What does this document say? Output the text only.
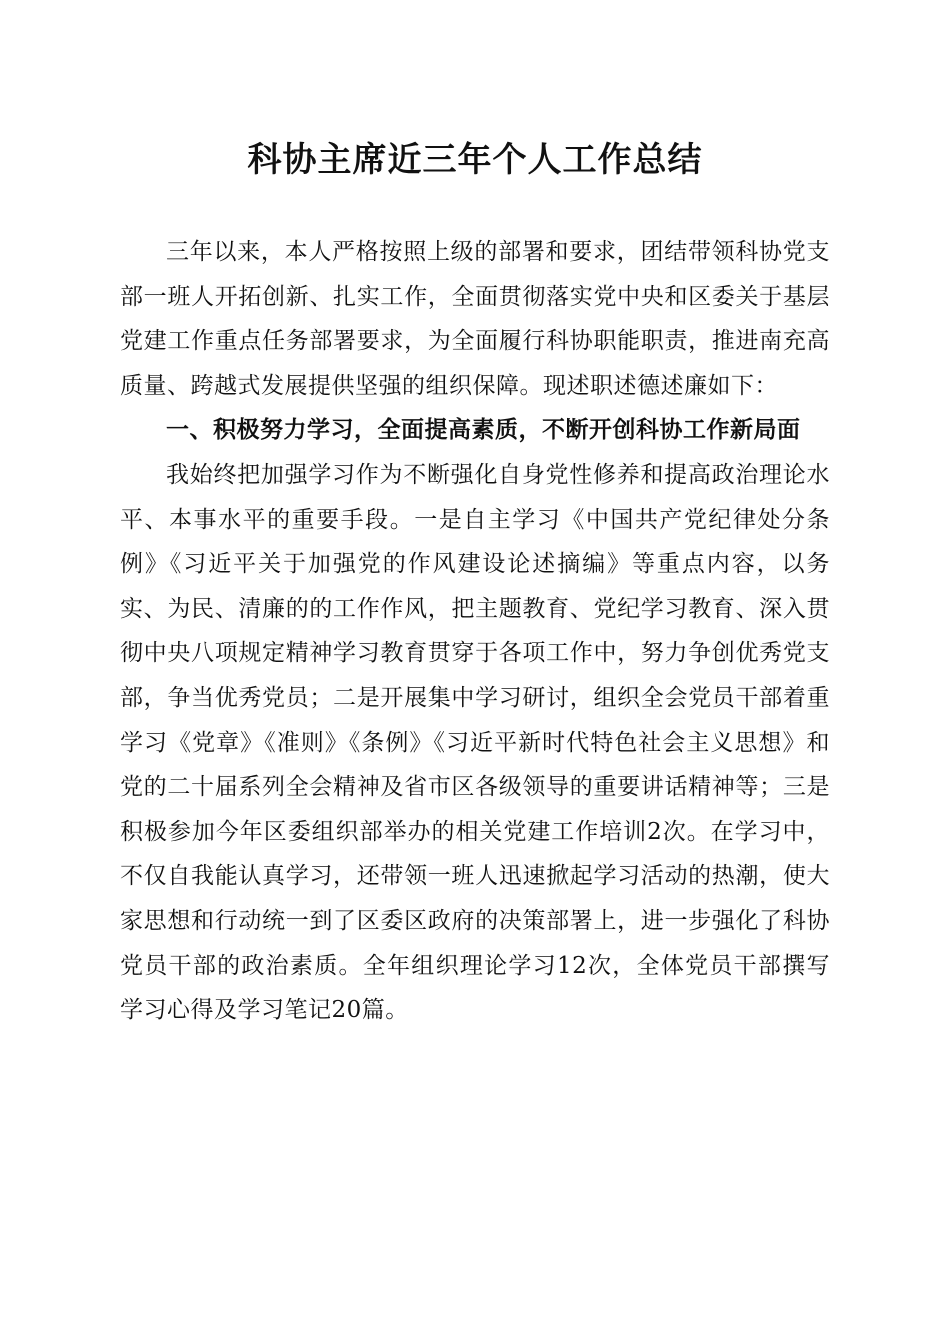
科协主席近三年个人工作总结

三年以来，本人严格按照上级的部署和要求，团结带领科协党支部一班人开拓创新、扎实工作，全面贯彻落实党中央和区委关于基层党建工作重点任务部署要求，为全面履行科协职能职责，推进南充高质量、跨越式发展提供坚强的组织保障。现述职述德述廉如下：

一、积极努力学习，全面提高素质，不断开创科协工作新局面

我始终把加强学习作为不断强化自身党性修养和提高政治理论水平、本事水平的重要手段。一是自主学习《中国共产党纪律处分条例》《习近平关于加强党的作风建设论述摘编》等重点内容，以务实、为民、清廉的的工作作风，把主题教育、党纪学习教育、深入贯彻中央八项规定精神学习教育贯穿于各项工作中，努力争创优秀党支部，争当优秀党员；二是开展集中学习研讨，组织全会党员干部着重学习《党章》《准则》《条例》《习近平新时代特色社会主义思想》和党的二十届系列全会精神及省市区各级领导的重要讲话精神等；三是积极参加今年区委组织部举办的相关党建工作培训2次。在学习中，不仅自我能认真学习，还带领一班人迅速掀起学习活动的热潮，使大家思想和行动统一到了区委区政府的决策部署上，进一步强化了科协党员干部的政治素质。全年组织理论学习12次，全体党员干部撰写学习心得及学习笔记20篇。
